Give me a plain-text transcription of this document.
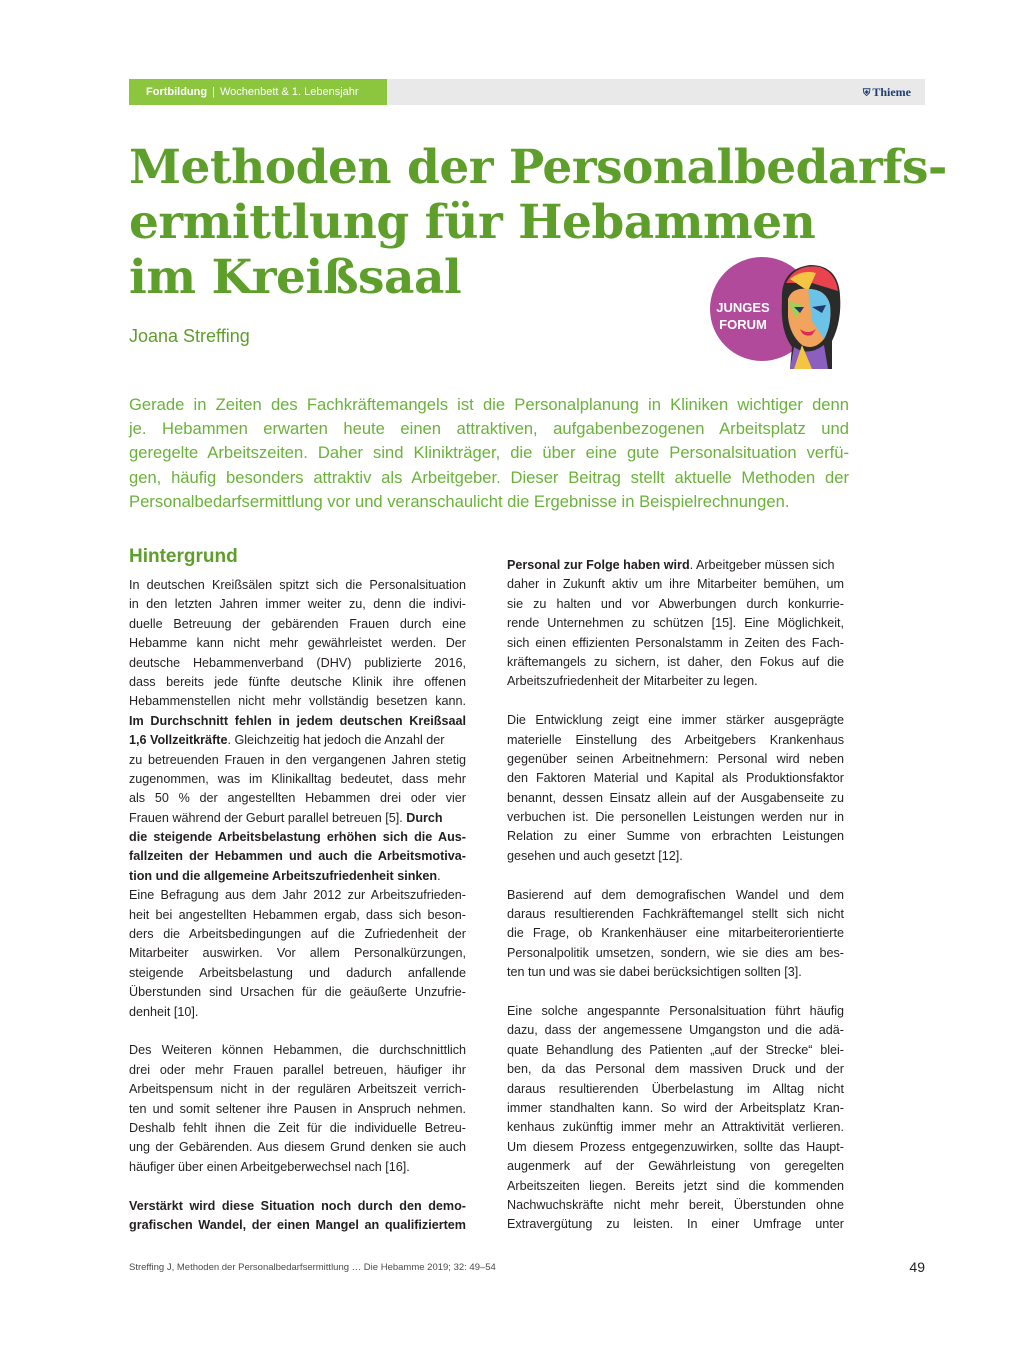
Fortbildung | Wochenbett & 1. Lebensjahr	⛨ Thieme
Methoden der Personalbedarfs-
ermittlung für Hebammen
im Kreißsaal
Joana Streffing
JUNGES
FORUM
Gerade in Zeiten des Fachkräftemangels ist die Personalplanung in Kliniken wichtiger denn
je. Hebammen erwarten heute einen attraktiven, aufgabenbezogenen Arbeitsplatz und
geregelte Arbeitszeiten. Daher sind Klinikträger, die über eine gute Personalsituation verfü-
gen, häufig besonders attraktiv als Arbeitgeber. Dieser Beitrag stellt aktuelle Methoden der
Personalbedarfsermittlung vor und veranschaulicht die Ergebnisse in Beispielrechnungen.
Hintergrund
In deutschen Kreißsälen spitzt sich die Personalsituation
in den letzten Jahren immer weiter zu, denn die indivi-
duelle Betreuung der gebärenden Frauen durch eine
Hebamme kann nicht mehr gewährleistet werden. Der
deutsche Hebammenverband (DHV) publizierte 2016,
dass bereits jede fünfte deutsche Klinik ihre offenen
Hebammenstellen nicht mehr vollständig besetzen kann.
Im Durchschnitt fehlen in jedem deutschen Kreißsaal
1,6 Vollzeitkräfte. Gleichzeitig hat jedoch die Anzahl der
zu betreuenden Frauen in den vergangenen Jahren stetig
zugenommen, was im Klinikalltag bedeutet, dass mehr
als 50 % der angestellten Hebammen drei oder vier
Frauen während der Geburt parallel betreuen [5]. Durch
die steigende Arbeitsbelastung erhöhen sich die Aus-
fallzeiten der Hebammen und auch die Arbeitsmotiva-
tion und die allgemeine Arbeitszufriedenheit sinken.
Eine Befragung aus dem Jahr 2012 zur Arbeitszufrieden-
heit bei angestellten Hebammen ergab, dass sich beson-
ders die Arbeitsbedingungen auf die Zufriedenheit der
Mitarbeiter auswirken. Vor allem Personalkürzungen,
steigende Arbeitsbelastung und dadurch anfallende
Überstunden sind Ursachen für die geäußerte Unzufrie-
denheit [10].
Des Weiteren können Hebammen, die durchschnittlich
drei oder mehr Frauen parallel betreuen, häufiger ihr
Arbeitspensum nicht in der regulären Arbeitszeit verrich-
ten und somit seltener ihre Pausen in Anspruch nehmen.
Deshalb fehlt ihnen die Zeit für die individuelle Betreu-
ung der Gebärenden. Aus diesem Grund denken sie auch
häufiger über einen Arbeitgeberwechsel nach [16].
Verstärkt wird diese Situation noch durch den demo-
grafischen Wandel, der einen Mangel an qualifiziertem
Personal zur Folge haben wird. Arbeitgeber müssen sich
daher in Zukunft aktiv um ihre Mitarbeiter bemühen, um
sie zu halten und vor Abwerbungen durch konkurrie-
rende Unternehmen zu schützen [15]. Eine Möglichkeit,
sich einen effizienten Personalstamm in Zeiten des Fach-
kräftemangels zu sichern, ist daher, den Fokus auf die
Arbeitszufriedenheit der Mitarbeiter zu legen.
Die Entwicklung zeigt eine immer stärker ausgeprägte
materielle Einstellung des Arbeitgebers Krankenhaus
gegenüber seinen Arbeitnehmern: Personal wird neben
den Faktoren Material und Kapital als Produktionsfaktor
benannt, dessen Einsatz allein auf der Ausgabenseite zu
verbuchen ist. Die personellen Leistungen werden nur in
Relation zu einer Summe von erbrachten Leistungen
gesehen und auch gesetzt [12].
Basierend auf dem demografischen Wandel und dem
daraus resultierenden Fachkräftemangel stellt sich nicht
die Frage, ob Krankenhäuser eine mitarbeiterorientierte
Personalpolitik umsetzen, sondern, wie sie dies am bes-
ten tun und was sie dabei berücksichtigen sollten [3].
Eine solche angespannte Personalsituation führt häufig
dazu, dass der angemessene Umgangston und die adä-
quate Behandlung des Patienten „auf der Strecke“ blei-
ben, da das Personal dem massiven Druck und der
daraus resultierenden Überbelastung im Alltag nicht
immer standhalten kann. So wird der Arbeitsplatz Kran-
kenhaus zukünftig immer mehr an Attraktivität verlieren.
Um diesem Prozess entgegenzuwirken, sollte das Haupt-
augenmerk auf der Gewährleistung von geregelten
Arbeitszeiten liegen. Bereits jetzt sind die kommenden
Nachwuchskräfte nicht mehr bereit, Überstunden ohne
Extravergütung zu leisten. In einer Umfrage unter
Streffing J, Methoden der Personalbedarfsermittlung … Die Hebamme 2019; 32: 49–54	49
